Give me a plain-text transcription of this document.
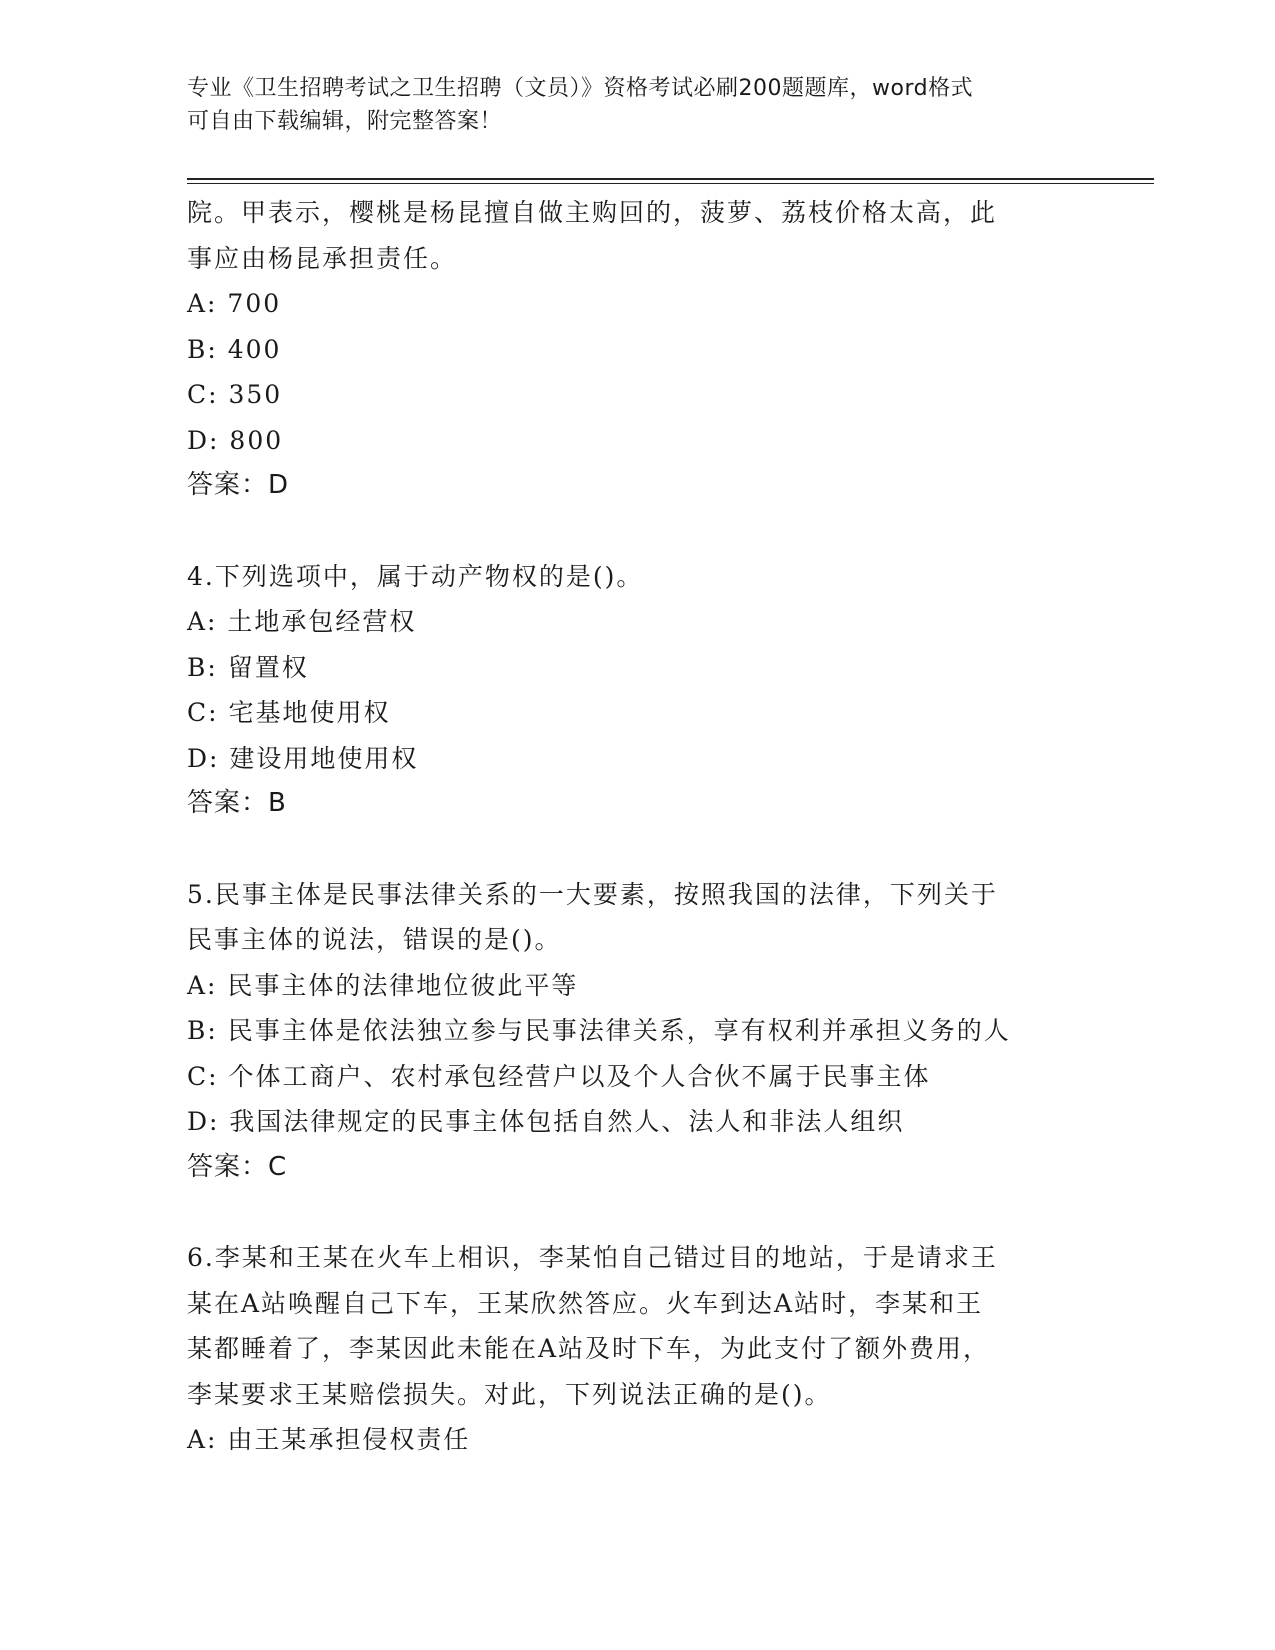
专业《卫生招聘考试之卫生招聘（文员）》资格考试必刷200题题库，word格式
可自由下载编辑，附完整答案！
院。甲表示，樱桃是杨昆擅自做主购回的，菠萝、荔枝价格太高，此
事应由杨昆承担责任。
A: 700
B: 400
C: 350
D: 800
答案：D
4.下列选项中，属于动产物权的是()。
A: 土地承包经营权
B: 留置权
C: 宅基地使用权
D: 建设用地使用权
答案：B
5.民事主体是民事法律关系的一大要素，按照我国的法律，下列关于
民事主体的说法，错误的是()。
A: 民事主体的法律地位彼此平等
B: 民事主体是依法独立参与民事法律关系，享有权利并承担义务的人
C: 个体工商户、农村承包经营户以及个人合伙不属于民事主体
D: 我国法律规定的民事主体包括自然人、法人和非法人组织
答案：C
6.李某和王某在火车上相识，李某怕自己错过目的地站，于是请求王
某在A站唤醒自己下车，王某欣然答应。火车到达A站时，李某和王
某都睡着了，李某因此未能在A站及时下车，为此支付了额外费用，
李某要求王某赔偿损失。对此，下列说法正确的是()。
A: 由王某承担侵权责任
